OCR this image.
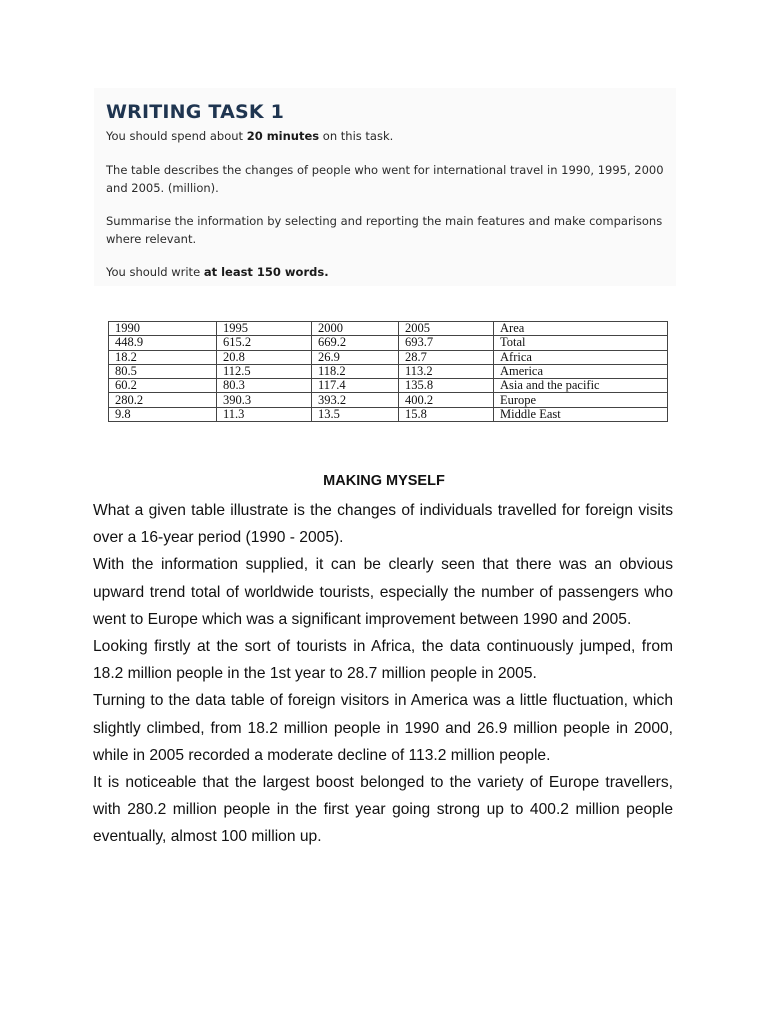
WRITING TASK 1

You should spend about 20 minutes on this task.

The table describes the changes of people who went for international travel in 1990, 1995, 2000 and 2005. (million).

Summarise the information by selecting and reporting the main features and make comparisons where relevant.

You should write at least 150 words.

1990	1995	2000	2005	Area
448.9	615.2	669.2	693.7	Total
18.2	20.8	26.9	28.7	Africa
80.5	112.5	118.2	113.2	America
60.2	80.3	117.4	135.8	Asia and the pacific
280.2	390.3	393.2	400.2	Europe
9.8	11.3	13.5	15.8	Middle East
MAKING MYSELF

What a given table illustrate is the changes of individuals travelled for foreign visits over a 16-year period (1990 - 2005).

With the information supplied, it can be clearly seen that there was an obvious upward trend total of worldwide tourists, especially the number of passengers who went to Europe which was a significant improvement between 1990 and 2005.

Looking firstly at the sort of tourists in Africa, the data continuously jumped, from 18.2 million people in the 1st year to 28.7 million people in 2005.

Turning to the data table of foreign visitors in America was a little fluctuation, which slightly climbed, from 18.2 million people in 1990 and 26.9 million people in 2000, while in 2005 recorded a moderate decline of 113.2 million people.

It is noticeable that the largest boost belonged to the variety of Europe travellers, with 280.2 million people in the first year going strong up to 400.2 million people eventually, almost 100 million up.
